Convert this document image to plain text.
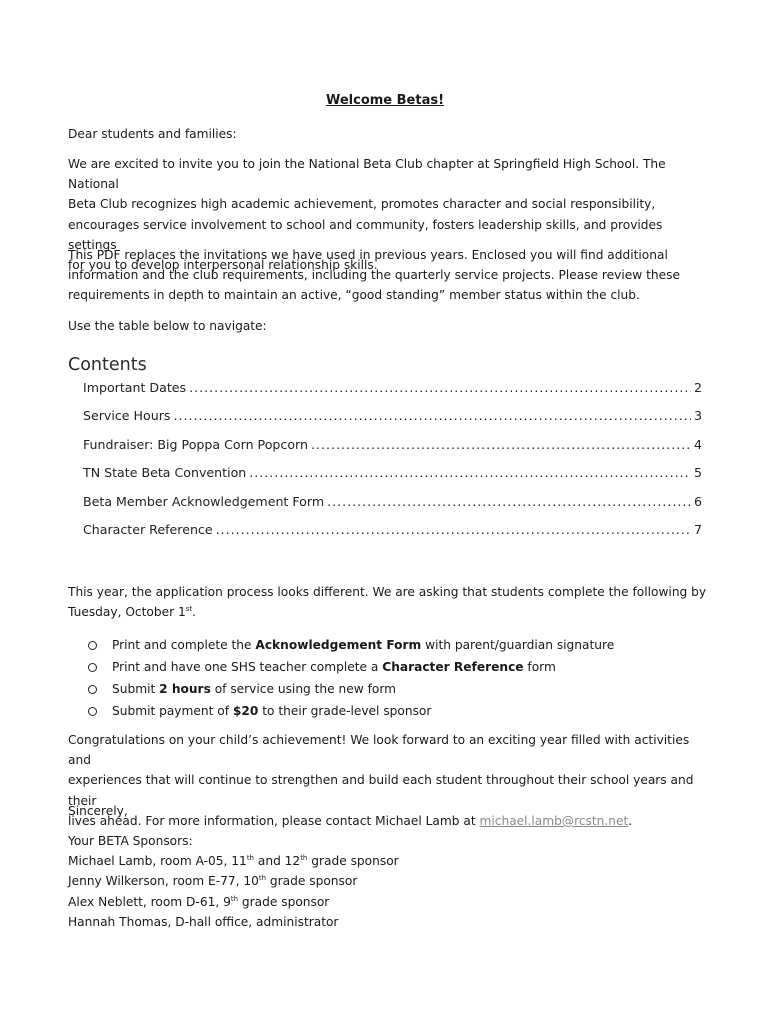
Welcome Betas!

Dear students and families:

We are excited to invite you to join the National Beta Club chapter at Springfield High School. The National

Beta Club recognizes high academic achievement, promotes character and social responsibility,

encourages service involvement to school and community, fosters leadership skills, and provides settings

for you to develop interpersonal relationship skills.

This PDF replaces the invitations we have used in previous years. Enclosed you will find additional

information and the club requirements, including the quarterly service projects. Please review these

requirements in depth to maintain an active, “good standing” member status within the club.

Use the table below to navigate:

Contents
Important Dates .....	2
Service Hours .....	3
Fundraiser: Big Poppa Corn Popcorn .....	4
TN State Beta Convention .....	5
Beta Member Acknowledgement Form .....	6
Character Reference .....	7

This year, the application process looks different. We are asking that students complete the following by

Tuesday, October 1st.

Print and complete the Acknowledgement Form with parent/guardian signature
Print and have one SHS teacher complete a Character Reference form
Submit 2 hours of service using the new form
Submit payment of $20 to their grade-level sponsor

Congratulations on your child’s achievement! We look forward to an exciting year filled with activities and

experiences that will continue to strengthen and build each student throughout their school years and their

lives ahead. For more information, please contact Michael Lamb at michael.lamb@rcstn.net.

Sincerely,

Your BETA Sponsors:

Michael Lamb, room A-05, 11th and 12th grade sponsor

Jenny Wilkerson, room E-77, 10th grade sponsor

Alex Neblett, room D-61, 9th grade sponsor

Hannah Thomas, D-hall office, administrator
